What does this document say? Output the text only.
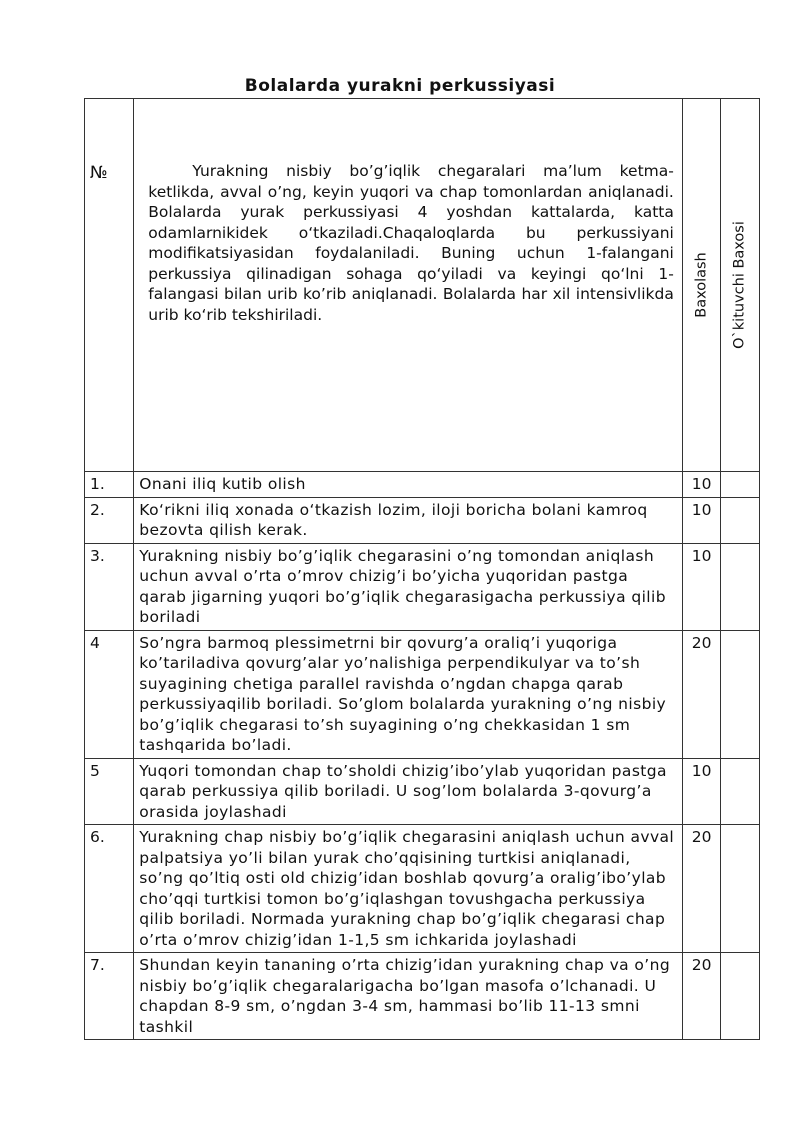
Bolalarda yurakni perkussiyasi
№	Yurakning nisbiy bo’g’iqlik chegaralari ma’lum ketma-ketlikda, avval o’ng, keyin yuqori va chap tomonlardan aniqlanadi. Bolalarda yurak perkussiyasi 4 yoshdan kattalarda, katta odamlarnikidek o‘tkaziladi.Chaqaloqlarda bu perkussiyani modifikatsiyasidan foydalaniladi. Buning uchun 1-falangani perkussiya qilinadigan sohaga qo‘yiladi va keyingi qo‘lni 1-falangasi bilan urib ko’rib aniqlanadi. Bolalarda har xil intensivlikda urib ko‘rib tekshiriladi.	Baxolash	O`kituvchi Baxosi

1.	Onani iliq kutib olish	10	
2.	Ko‘rikni iliq xonada o‘tkazish lozim, iloji boricha bolani kamroq bezovta qilish kerak.	10	
3.	Yurakning nisbiy bo’g’iqlik chegarasini o’ng tomondan aniqlash uchun avval o’rta o’mrov chizig’i bo’yicha yuqoridan pastga qarab jigarning yuqori bo’g’iqlik chegarasigacha perkussiya qilib boriladi	10	
4	So’ngra barmoq plessimetrni bir qovurg’a oraliq’i yuqoriga ko’tariladiva qovurg’alar yo’nalishiga perpendikulyar va to’sh suyagining chetiga parallel ravishda o’ngdan chapga qarab perkussiyaqilib boriladi. So’glom bolalarda yurakning o’ng nisbiy bo’g’iqlik chegarasi to’sh suyagining o’ng chekkasidan 1 sm tashqarida bo’ladi.	20	
5	Yuqori tomondan chap to’sholdi chizig’ibo’ylab yuqoridan pastga qarab perkussiya qilib boriladi. U sog’lom bolalarda 3-qovurg’a orasida joylashadi	10	
6.	Yurakning chap nisbiy bo’g’iqlik chegarasini aniqlash uchun avval palpatsiya yo’li bilan yurak cho’qqisining turtkisi aniqlanadi, so’ng qo’ltiq osti old chizig’idan boshlab qovurg’a oralig’ibo’ylab cho’qqi turtkisi tomon bo’g’iqlashgan tovushgacha perkussiya qilib boriladi. Normada yurakning chap bo’g’iqlik chegarasi chap o’rta o’mrov chizig’idan 1-1,5 sm ichkarida joylashadi	20	
7.	Shundan keyin tananing o’rta chizig’idan yurakning chap va o’ng nisbiy bo’g’iqlik chegaralarigacha bo’lgan masofa o’lchanadi. U chapdan 8-9 sm, o’ngdan 3-4 sm, hammasi bo’lib 11-13 smni tashkil	20	
